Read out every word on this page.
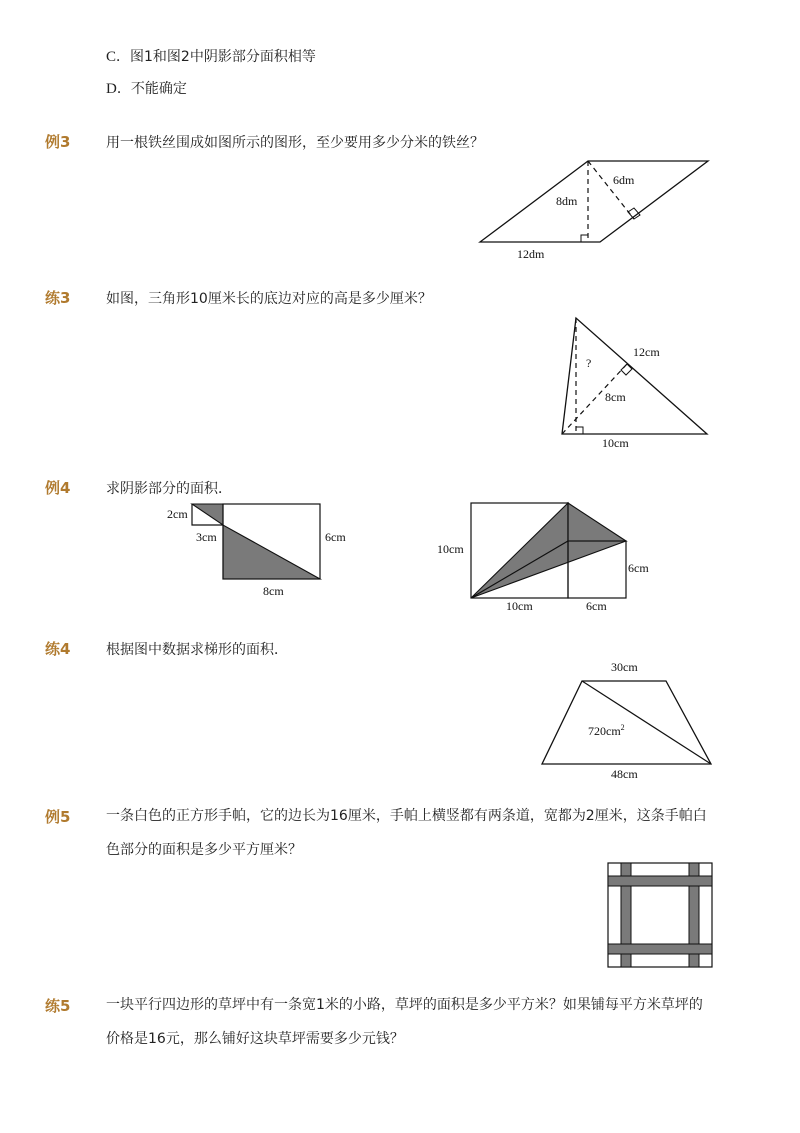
C．图1和图2中阴影部分面积相等
D．不能确定
例3	用一根铁丝围成如图所示的图形，至少要用多少分米的铁丝？
8dm
6dm
12dm
练3	如图，三角形10厘米长的底边对应的高是多少厘米？
?
12cm
8cm
10cm
例4	求阴影部分的面积．
2cm
3cm	6cm
8cm
10cm
10cm
6cm
6cm
练4	根据图中数据求梯形的面积．
30cm
$720cm^2$
48cm
例5	一条白色的正方形手帕，它的边长为16厘米，手帕上横竖都有两条道，宽都为2厘米，这条手帕白色部分的面积是多少平方厘米？
练5	一块平行四边形的草坪中有一条宽1米的小路，草坪的面积是多少平方米？如果铺每平方米草坪的价格是16元，那么铺好这块草坪需要多少元钱？
